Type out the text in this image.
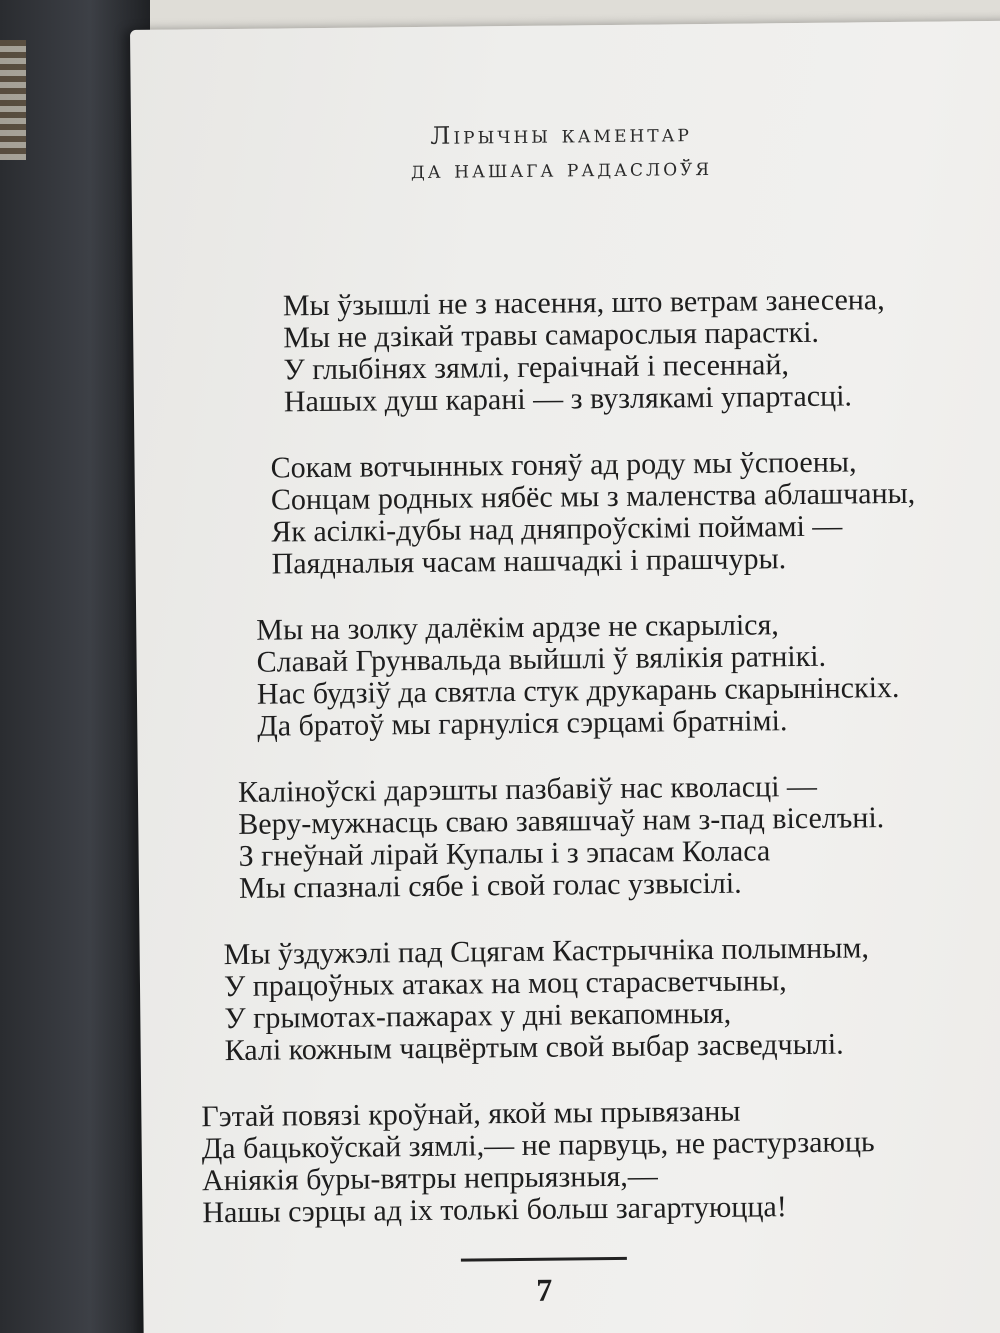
Лірычны каментар
да нашага радаслоўя
Мы ўзышлі не з насення, што ветрам занесена,
Мы не дзікай травы самарослыя парасткі.
У глыбінях зямлі, гераічнай і песеннай,
Нашых душ карані — з вузлякамі упартасці.
Сокам вотчынных гоняў ад роду мы ўспоены,
Сонцам родных нябёс мы з маленства аблашчаны,
Як асілкі-дубы над дняпроўскімі поймамі —
Паядналыя часам нашчадкі і прашчуры.
Мы на золку далёкім ардзе не скарыліся,
Славай Грунвальда выйшлі ў вялікія ратнікі.
Нас будзіў да святла стук друкарань скарынінскіх.
Да братоў мы гарнуліся сэрцамі братнімі.
Каліноўскі дарэшты пазбавіў нас кволасці —
Веру-мужнасць сваю завяшчаў нам з-пад віселъні.
З гнеўнай лірай Купалы і з эпасам Коласа
Мы спазналі сябе і свой голас узвысілі.
Мы ўздужэлі пад Сцягам Кастрычніка полымным,
У працоўных атаках на моц старасветчыны,
У грымотах-пажарах у дні векапомныя,
Калі кожным чацвёртым свой выбар засведчылі.
Гэтай повязі кроўнай, якой мы прывязаны
Да бацькоўскай зямлі,— не парвуць, не растурзаюць
Аніякія буры-вятры непрыязныя,—
Нашы сэрцы ад іх толькі больш загартуюцца!
7
